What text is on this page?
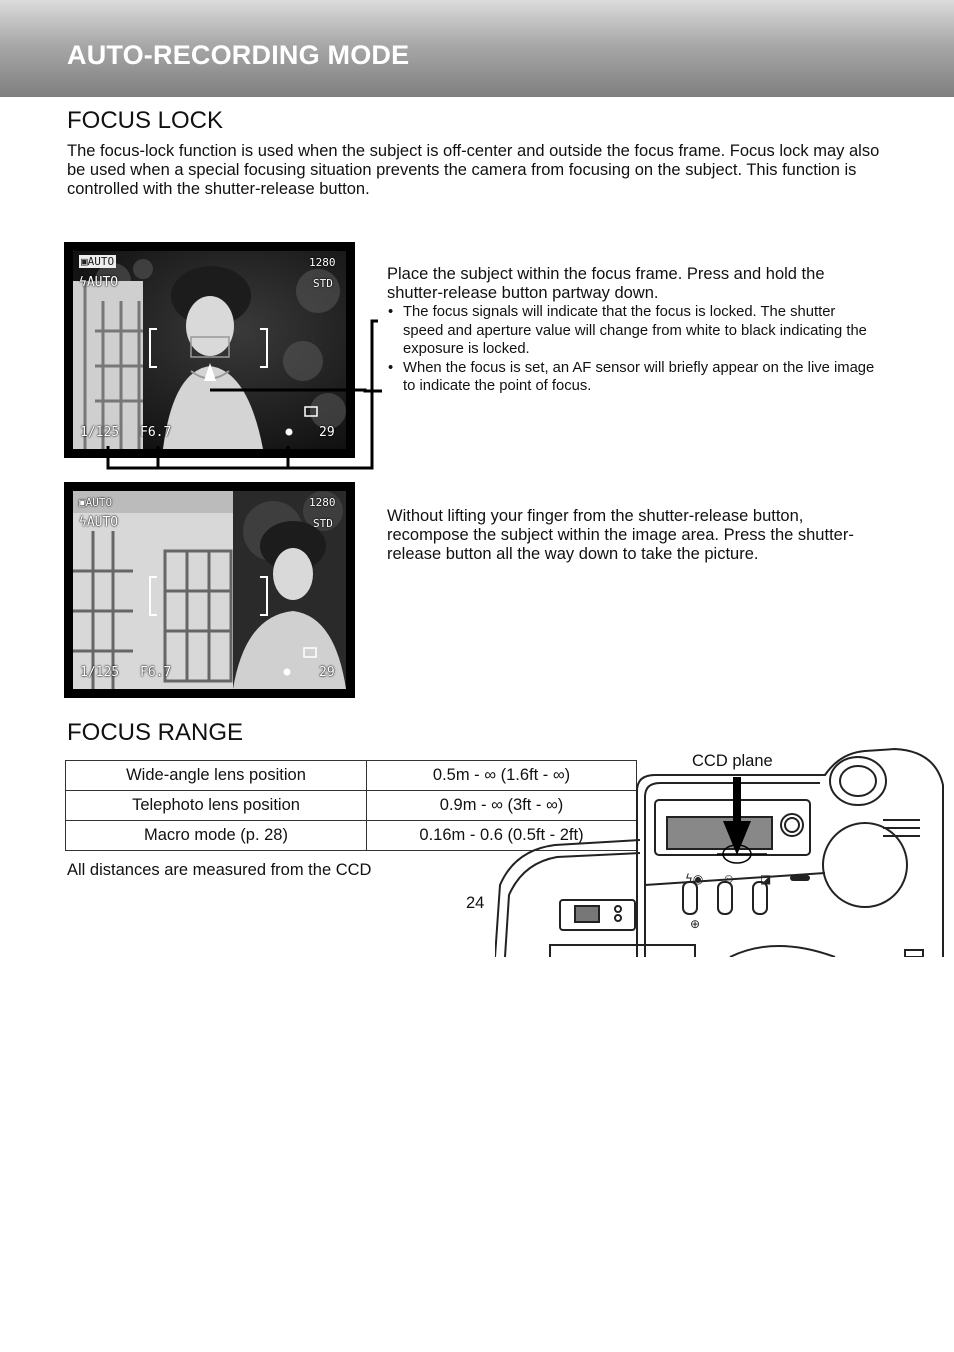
AUTO-RECORDING MODE
FOCUS LOCK
The focus-lock function is used when the subject is off-center and outside the focus frame. Focus lock may also be used when a special focusing situation prevents the camera from focusing on the subject. This function is controlled with the shutter-release button.
▣AUTO
ϟAUTO
1280
STD
1/125 F6.7	29
Place the subject within the focus frame. Press and hold the shutter-release button partway down.
• The focus signals will indicate that the focus is locked. The shutter speed and aperture value will change from white to black indicating the exposure is locked.
• When the focus is set, an AF sensor will briefly appear on the live image to indicate the point of focus.
▣AUTO
ϟAUTO
1280
STD
1/125 F6.7	29
Without lifting your finger from the shutter-release button, recompose the subject within the image area. Press the shutter-release button all the way down to take the picture.
FOCUS RANGE
Wide-angle lens position	0.5m - ∞ (1.6ft - ∞)
Telephoto lens position	0.9m - ∞ (3ft - ∞)
Macro mode (p. 28)	0.16m - 0.6 (0.5ft - 2ft)
All distances are measured from the CCD
24
ϟ◉ ⏲ ◪
⊕
CCD plane
